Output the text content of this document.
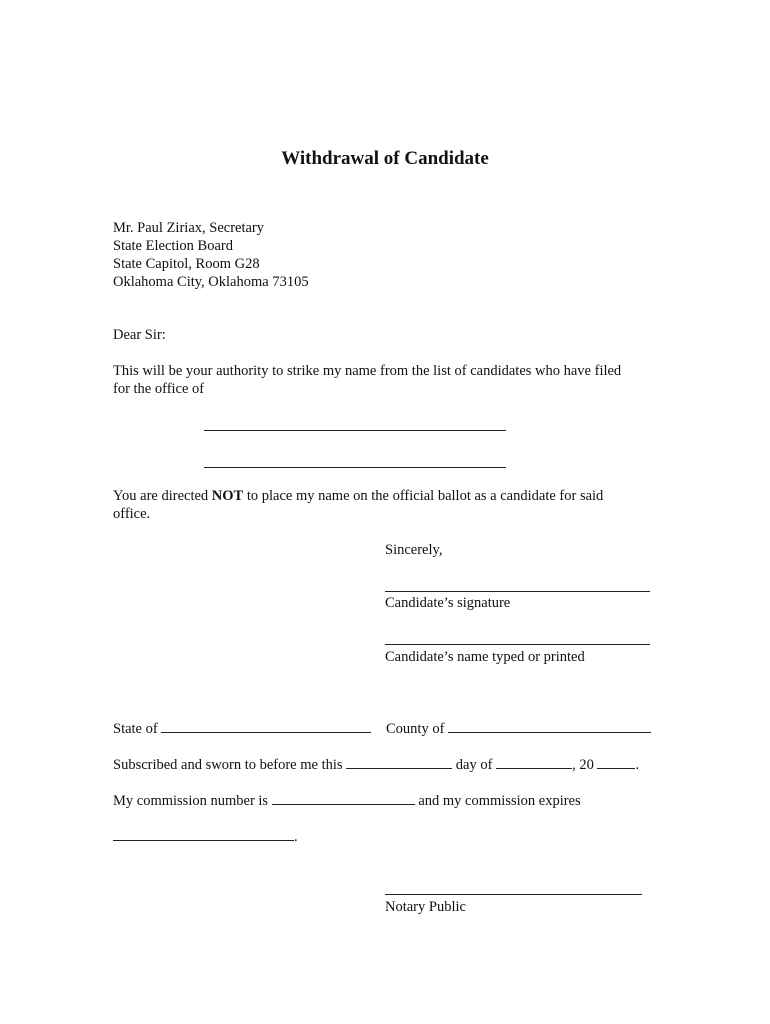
Withdrawal of Candidate
Mr. Paul Ziriax, Secretary
State Election Board
State Capitol, Room G28
Oklahoma City, Oklahoma 73105
Dear Sir:
This will be your authority to strike my name from the list of candidates who have filed
for the office of
You are directed NOT to place my name on the official ballot as a candidate for said
office.
Sincerely,
Candidate’s signature
Candidate’s name typed or printed
State of	County of
Subscribed and sworn to before me this	day of	, 20	.
My commission number is	and my commission expires
.
Notary Public
